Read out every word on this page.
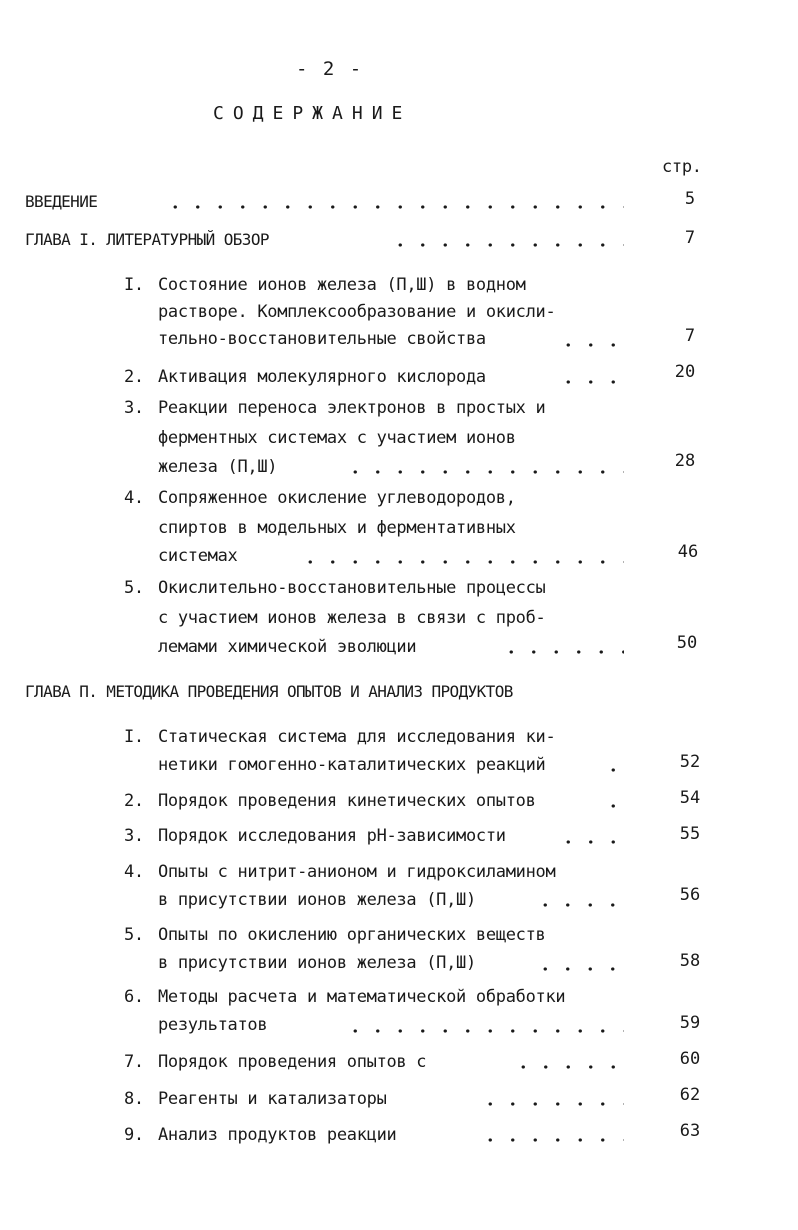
- 2 -
СОДЕРЖАНИЕ
стр.
ВВЕДЕНИЕ	5
ГЛАВА I. ЛИТЕРАТУРНЫЙ ОБЗОР	7
I. Состояние ионов железа (П,Ш) в водном
растворе. Комплексообразование и окисли-
тельно-восстановительные свойства	7
2. Активация молекулярного кислорода	20
3. Реакции переноса электронов в простых и
ферментных системах с участием ионов
железа (П,Ш)	28
4. Сопряженное окисление углеводородов,
спиртов в модельных и ферментативных
системах	46
5. Окислительно-восстановительные процессы
с участием ионов железа в связи с проб-
лемами химической эволюции	50
ГЛАВА П. МЕТОДИКА ПРОВЕДЕНИЯ ОПЫТОВ И АНАЛИЗ ПРОДУКТОВ
I. Статическая система для исследования ки-
нетики гомогенно-каталитических реакций	52
2. Порядок проведения кинетических опытов	54
3. Порядок исследования рН-зависимости	55
4. Опыты с нитрит-анионом и гидроксиламином
в присутствии ионов железа (П,Ш)	56
5. Опыты по окислению органических веществ
в присутствии ионов железа (П,Ш)	58
6. Методы расчета и математической обработки
результатов	59
7. Порядок проведения опытов с	60
8. Реагенты и катализаторы	62
9. Анализ продуктов реакции	63
